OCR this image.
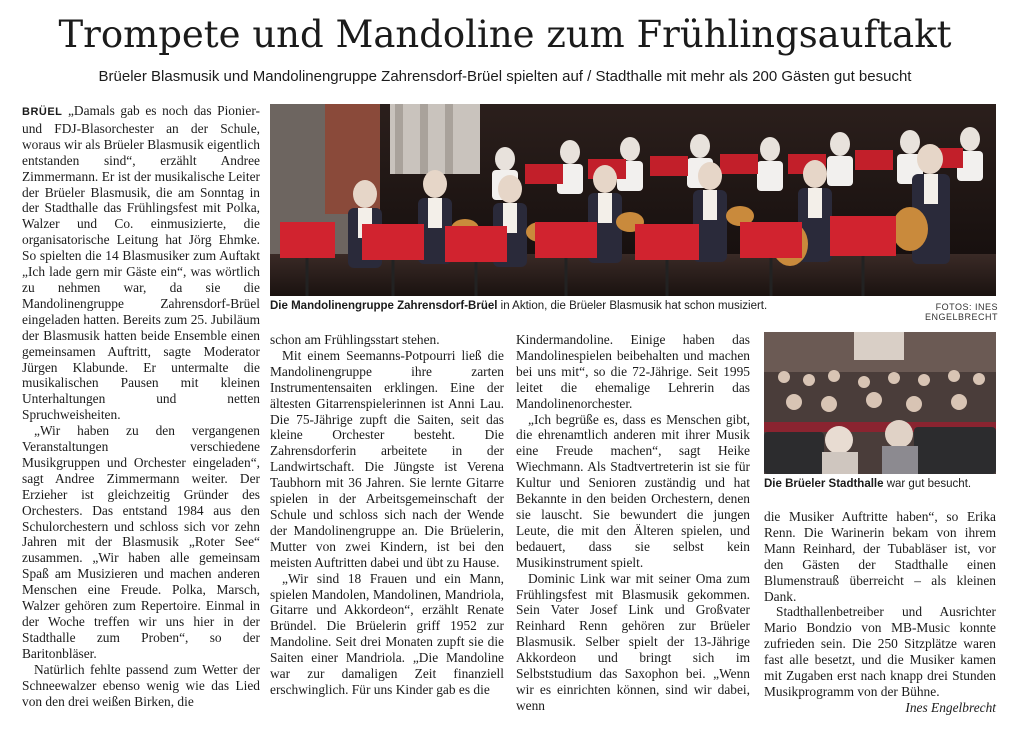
Trompete und Mandoline zum Frühlingsauftakt
Brüeler Blasmusik und Mandolinengruppe Zahrensdorf-Brüel spielten auf / Stadthalle mit mehr als 200 Gästen gut besucht

BRÜEL „Damals gab es noch das Pionier- und FDJ-Blasorchester an der Schule, woraus wir als Brüeler Blasmusik eigentlich entstanden sind“, erzählt Andree Zimmermann. Er ist der musikalische Leiter der Brüeler Blasmusik, die am Sonntag in der Stadthalle das Frühlingsfest mit Polka, Walzer und Co. einmusizierte, die organisatorische Leitung hat Jörg Ehmke. So spielten die 14 Blasmusiker zum Auftakt „Ich lade gern mir Gäste ein“, was wörtlich zu nehmen war, da sie die Mandolinengruppe Zahrensdorf-Brüel eingeladen hatten. Bereits zum 25. Jubiläum der Blasmusik hatten beide Ensemble einen gemeinsamen Auftritt, sagte Moderator Jürgen Klabunde. Er untermalte die musikalischen Pausen mit kleinen Unterhaltungen und netten Spruchweisheiten.

„Wir haben zu den vergangenen Veranstaltungen verschiedene Musikgruppen und Orchester eingeladen“, sagt Andree Zimmermann weiter. Der Erzieher ist gleichzeitig Gründer des Orchesters. Das entstand 1984 aus den Schulorchestern und schloss sich vor zehn Jahren mit der Blasmusik „Roter See“ zusammen. „Wir haben alle gemeinsam Spaß am Musizieren und machen anderen Menschen eine Freude. Polka, Marsch, Walzer gehören zum Repertoire. Einmal in der Woche treffen wir uns hier in der Stadthalle zum Proben“, so der Baritonbläser.

Natürlich fehlte passend zum Wetter der Schneewalzer ebenso wenig wie das Lied von den drei weißen Birken, die

Die Mandolinengruppe Zahrensdorf-Brüel in Aktion, die Brüeler Blasmusik hat schon musiziert.	FOTOS: INES ENGELBRECHT

schon am Frühlingsstart stehen.

Mit einem Seemanns-Potpourri ließ die Mandolinengruppe ihre zarten Instrumentensaiten erklingen. Eine der ältesten Gitarrenspielerinnen ist Anni Lau. Die 75-Jährige zupft die Saiten, seit das kleine Orchester besteht. Die Zahrensdorferin arbeitete in der Landwirtschaft. Die Jüngste ist Verena Taubhorn mit 36 Jahren. Sie lernte Gitarre spielen in der Arbeitsgemeinschaft der Schule und schloss sich nach der Wende der Mandolinengruppe an. Die Brüelerin, Mutter von zwei Kindern, ist bei den meisten Auftritten dabei und übt zu Hause.

„Wir sind 18 Frauen und ein Mann, spielen Mandolen, Mandolinen, Mandriola, Gitarre und Akkordeon“, erzählt Renate Bründel. Die Brüelerin griff 1952 zur Mandoline. Seit drei Monaten zupft sie die Saiten einer Mandriola. „Die Mandoline war zur damaligen Zeit finanziell erschwinglich. Für uns Kinder gab es die

Kindermandoline. Einige haben das Mandolinespielen beibehalten und machen bei uns mit“, so die 72-Jährige. Seit 1995 leitet die ehemalige Lehrerin das Mandolinenorchester.

„Ich begrüße es, dass es Menschen gibt, die ehrenamtlich anderen mit ihrer Musik eine Freude machen“, sagt Heike Wiechmann. Als Stadtvertreterin ist sie für Kultur und Senioren zuständig und hat Bekannte in den beiden Orchestern, denen sie lauscht. Sie bewundert die jungen Leute, die mit den Älteren spielen, und bedauert, dass sie selbst kein Musikinstrument spielt.

Dominic Link war mit seiner Oma zum Frühlingsfest mit Blasmusik gekommen. Sein Vater Josef Link und Großvater Reinhard Renn gehören zur Brüeler Blasmusik. Selber spielt der 13-Jährige Akkordeon und bringt sich im Selbststudium das Saxophon bei. „Wenn wir es einrichten können, sind wir dabei, wenn

Die Brüeler Stadthalle war gut besucht.

die Musiker Auftritte haben“, so Erika Renn. Die Warinerin bekam von ihrem Mann Reinhard, der Tubabläser ist, vor den Gästen der Stadthalle einen Blumenstrauß überreicht – als kleinen Dank.

Stadthallenbetreiber und Ausrichter Mario Bondzio von MB-Music konnte zufrieden sein. Die 250 Sitzplätze waren fast alle besetzt, und die Musiker kamen mit Zugaben erst nach knapp drei Stunden Musikprogramm von der Bühne.

Ines Engelbrecht
